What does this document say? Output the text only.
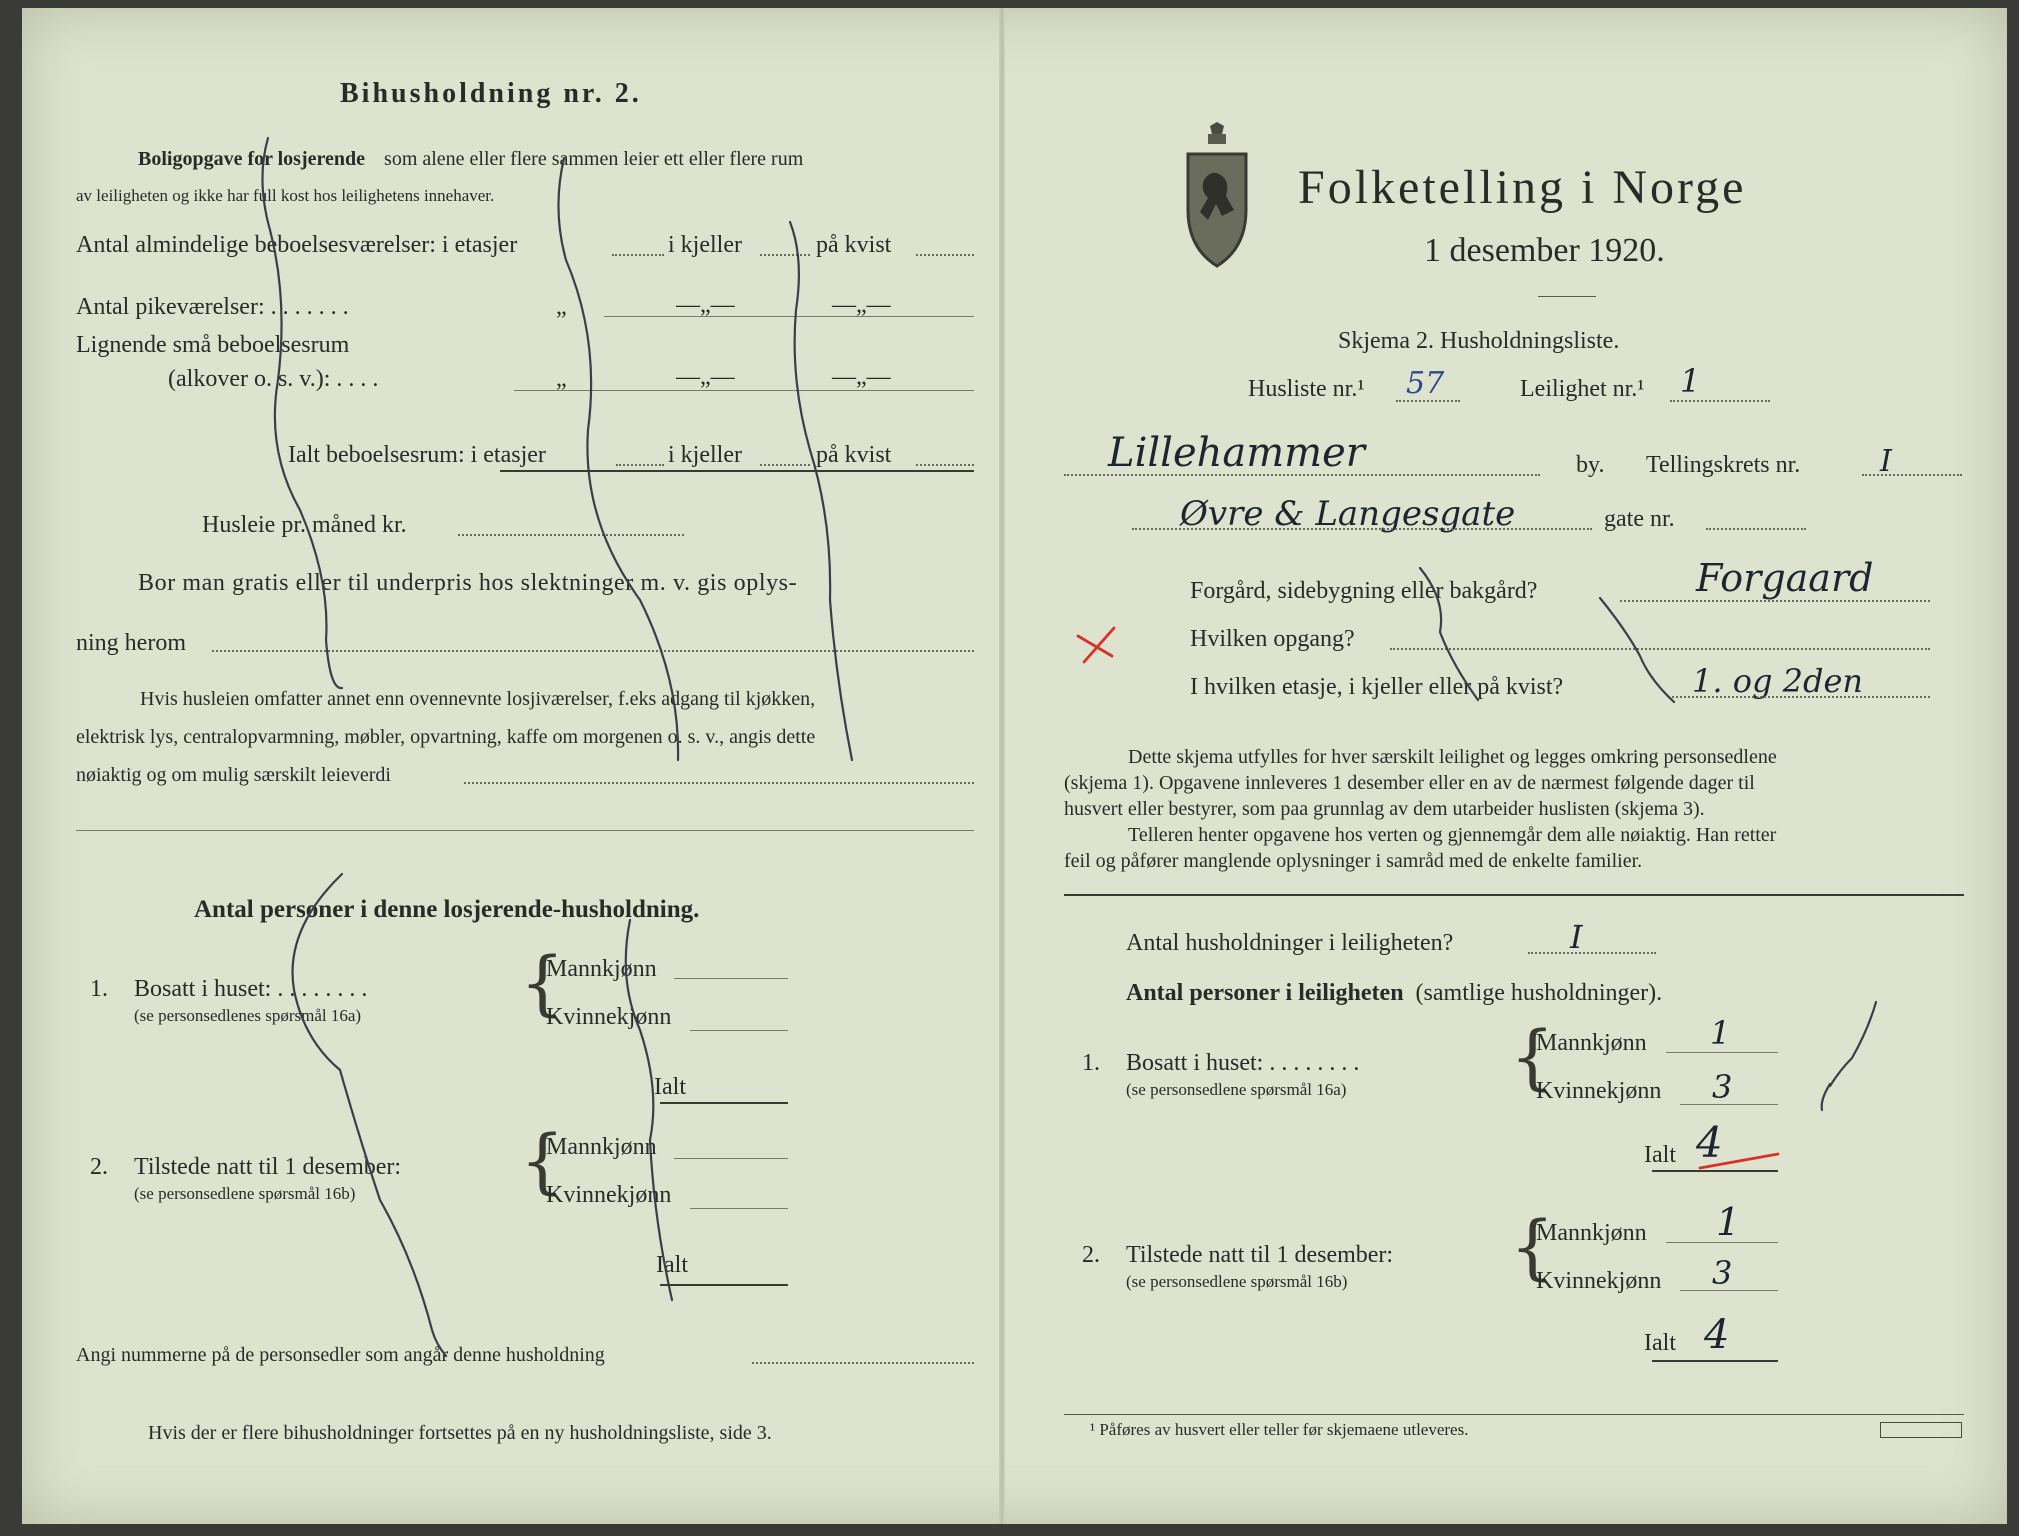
Bihusholdning nr. 2.
Boligopgave for losjerende som alene eller flere sammen leier ett eller flere rum
av leiligheten og ikke har full kost hos leilighetens innehaver.
Antal almindelige beboelsesværelser: i etasjer	i kjeller	på kvist
Antal pikeværelser: . . . . . . .	„	—„—	—„—
Lignende små beboelsesrum
(alkover o. s. v.): . . . .	„	—„—	—„—
Ialt beboelsesrum: i etasjer	i kjeller	på kvist
Husleie pr. måned kr.
Bor man gratis eller til underpris hos slektninger m. v. gis oplys-
ning herom
Hvis husleien omfatter annet enn ovennevnte losjiværelser, f.eks adgang til kjøkken,
elektrisk lys, centralopvarmning, møbler, opvartning, kaffe om morgenen o. s. v., angis dette
nøiaktig og om mulig særskilt leieverdi
Antal personer i denne losjerende-husholdning.
1. Bosatt i huset: . . . . . . . .
(se personsedlenes spørsmål 16a) {
Mannkjønn
Kvinnekjønn
Ialt
2. Tilstede natt til 1 desember:
(se personsedlene spørsmål 16b) {
Mannkjønn
Kvinnekjønn
Ialt
Angi nummerne på de personsedler som angår denne husholdning
Hvis der er flere bihusholdninger fortsettes på en ny husholdningsliste, side 3.
Folketelling i Norge
1 desember 1920.
Skjema 2. Husholdningsliste.
Husliste nr.¹ 57	Leilighet nr.¹ 1
Lillehammer	by. Tellingskrets nr.	I
Øvre & Langesgate	gate nr.
Forgård, sidebygning eller bakgård?	Forgaard
Hvilken opgang?
I hvilken etasje, i kjeller eller på kvist?	1. og 2den
Dette skjema utfylles for hver særskilt leilighet og legges omkring personsedlene
(skjema 1). Opgavene innleveres 1 desember eller en av de nærmest følgende dager til
husvert eller bestyrer, som paa grunnlag av dem utarbeider huslisten (skjema 3).
Telleren henter opgavene hos verten og gjennemgår dem alle nøiaktig. Han retter
feil og påfører manglende oplysninger i samråd med de enkelte familier.
Antal husholdninger i leiligheten?	I
Antal personer i leiligheten (samtlige husholdninger).
1. Bosatt i huset: . . . . . . . .
(se personsedlene spørsmål 16a) {
Mannkjønn 1
Kvinnekjønn 3
Ialt 4
2. Tilstede natt til 1 desember:
(se personsedlene spørsmål 16b) {
Mannkjønn 1
Kvinnekjønn 3
Ialt 4
¹ Påføres av husvert eller teller før skjemaene utleveres.
